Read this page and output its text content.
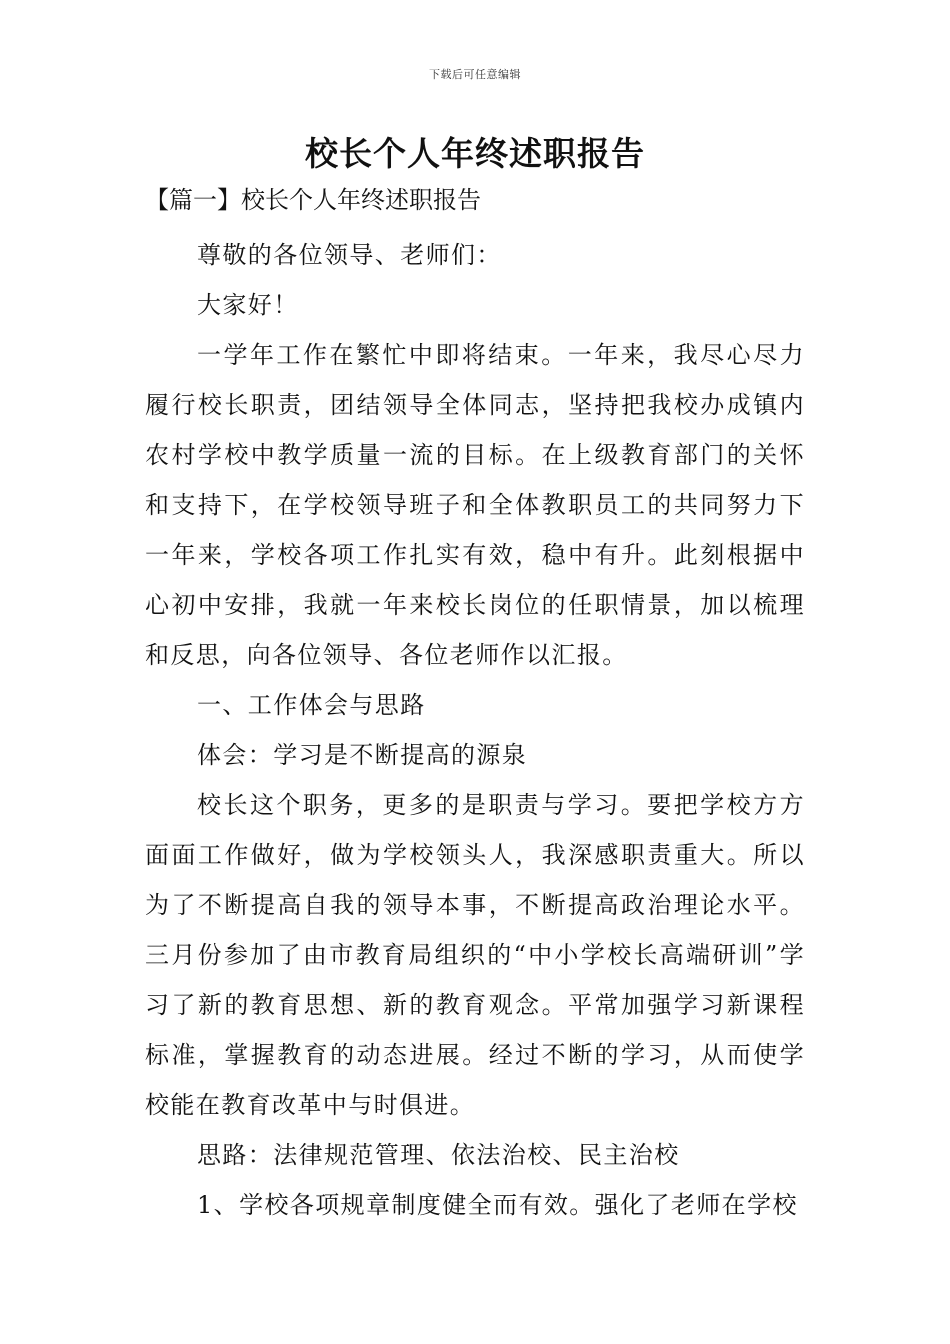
下载后可任意编辑
校长个人年终述职报告

【篇一】校长个人年终述职报告

尊敬的各位领导、老师们：

大家好！

一学年工作在繁忙中即将结束。一年来，我尽心尽力履行校长职责，团结领导全体同志，坚持把我校办成镇内农村学校中教学质量一流的目标。在上级教育部门的关怀和支持下，在学校领导班子和全体教职员工的共同努力下一年来，学校各项工作扎实有效，稳中有升。此刻根据中心初中安排，我就一年来校长岗位的任职情景，加以梳理和反思，向各位领导、各位老师作以汇报。

一、工作体会与思路

体会：学习是不断提高的源泉

校长这个职务，更多的是职责与学习。要把学校方方面面工作做好，做为学校领头人，我深感职责重大。所以为了不断提高自我的领导本事，不断提高政治理论水平。三月份参加了由市教育局组织的“中小学校长高端研训”学习了新的教育思想、新的教育观念。平常加强学习新课程标准，掌握教育的动态进展。经过不断的学习，从而使学校能在教育改革中与时俱进。

思路：法律规范管理、依法治校、民主治校

1、学校各项规章制度健全而有效。强化了老师在学校
